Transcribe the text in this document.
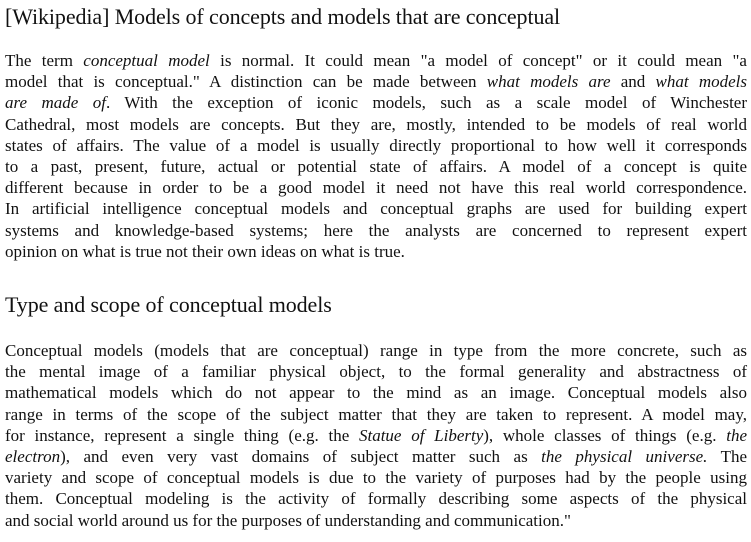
[Wikipedia] Models of concepts and models that are conceptual
The term conceptual model is normal. It could mean "a model of concept" or it could mean "a
model that is conceptual." A distinction can be made between what models are and what models
are made of. With the exception of iconic models, such as a scale model of Winchester
Cathedral, most models are concepts. But they are, mostly, intended to be models of real world
states of affairs. The value of a model is usually directly proportional to how well it corresponds
to a past, present, future, actual or potential state of affairs. A model of a concept is quite
different because in order to be a good model it need not have this real world correspondence.
In artificial intelligence conceptual models and conceptual graphs are used for building expert
systems and knowledge-based systems; here the analysts are concerned to represent expert
opinion on what is true not their own ideas on what is true.
Type and scope of conceptual models
Conceptual models (models that are conceptual) range in type from the more concrete, such as
the mental image of a familiar physical object, to the formal generality and abstractness of
mathematical models which do not appear to the mind as an image. Conceptual models also
range in terms of the scope of the subject matter that they are taken to represent. A model may,
for instance, represent a single thing (e.g. the Statue of Liberty), whole classes of things (e.g. the
electron), and even very vast domains of subject matter such as the physical universe. The
variety and scope of conceptual models is due to the variety of purposes had by the people using
them. Conceptual modeling is the activity of formally describing some aspects of the physical
and social world around us for the purposes of understanding and communication."
